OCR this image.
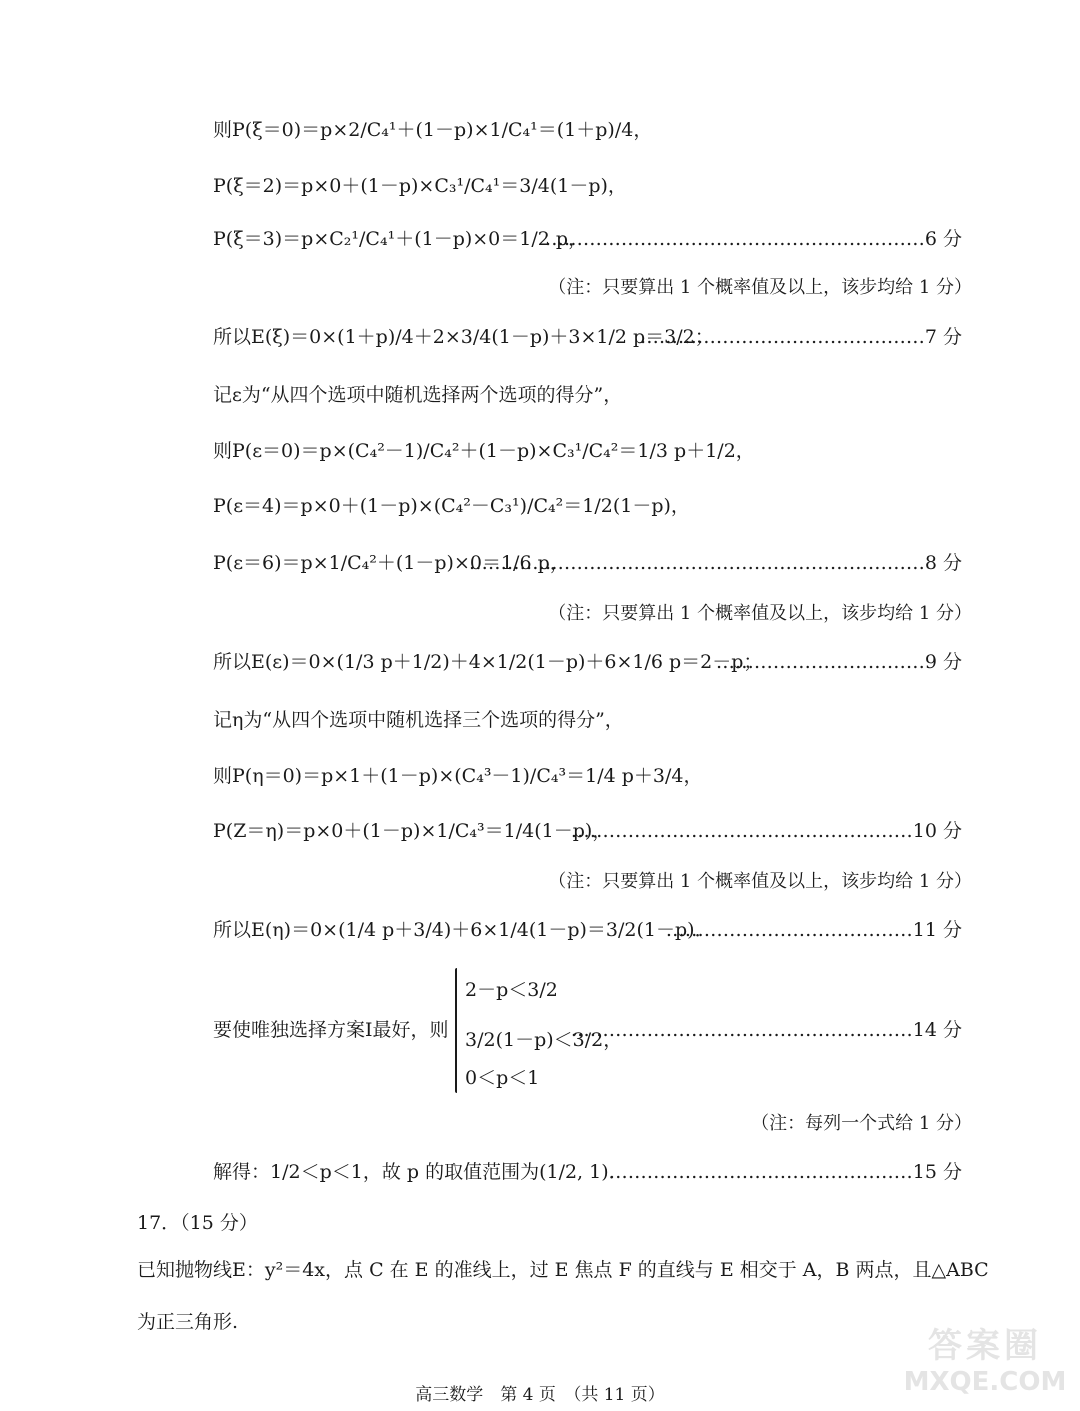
则P(ξ＝0)＝p×2/C₄¹＋(1－p)×1/C₄¹＝(1＋p)/4，
P(ξ＝2)＝p×0＋(1－p)×C₃¹/C₄¹＝3/4(1－p)，
P(ξ＝3)＝p×C₂¹/C₄¹＋(1－p)×0＝1/2 p，
……………………………………………………6 分
（注：只要算出 1 个概率值及以上，该步均给 1 分）
所以E(ξ)＝0×(1＋p)/4＋2×3/4(1－p)＋3×1/2 p＝3/2；
………………………………………7 分
记ε为“从四个选项中随机选择两个选项的得分”，
则P(ε＝0)＝p×(C₄²－1)/C₄²＋(1－p)×C₃¹/C₄²＝1/3 p＋1/2，
P(ε＝4)＝p×0＋(1－p)×(C₄²－C₃¹)/C₄²＝1/2(1－p)，
P(ε＝6)＝p×1/C₄²＋(1－p)×0＝1/6 p，
………………………………………………………………8 分
（注：只要算出 1 个概率值及以上，该步均给 1 分）
所以E(ε)＝0×(1/3 p＋1/2)＋4×1/2(1－p)＋6×1/6 p＝2－p；
……………………………9 分
记η为“从四个选项中随机选择三个选项的得分”，
则P(η＝0)＝p×1＋(1－p)×(C₄³－1)/C₄³＝1/4 p＋3/4，
P(Z＝η)＝p×0＋(1－p)×1/C₄³＝1/4(1－p)，
………………………………………………10 分
（注：只要算出 1 个概率值及以上，该步均给 1 分）
所以E(η)＝0×(1/4 p＋3/4)＋6×1/4(1－p)＝3/2(1－p)．
…………………………………11 分
要使唯独选择方案Ⅰ最好，则
2－p＜3/2
3/2(1－p)＜3/2，
0＜p＜1
………………………………………………14 分
（注：每列一个式给 1 分）
解得：1/2＜p＜1，故 p 的取值范围为(1/2, 1)．
…………………………………………15 分
17．（15 分）
已知抛物线E：y²＝4x，点 C 在 E 的准线上，过 E 焦点 F 的直线与 E 相交于 A，B 两点，且△ABC
为正三角形.
高三数学　第 4 页　（共 11 页）
答案圈
MXQE.COM
